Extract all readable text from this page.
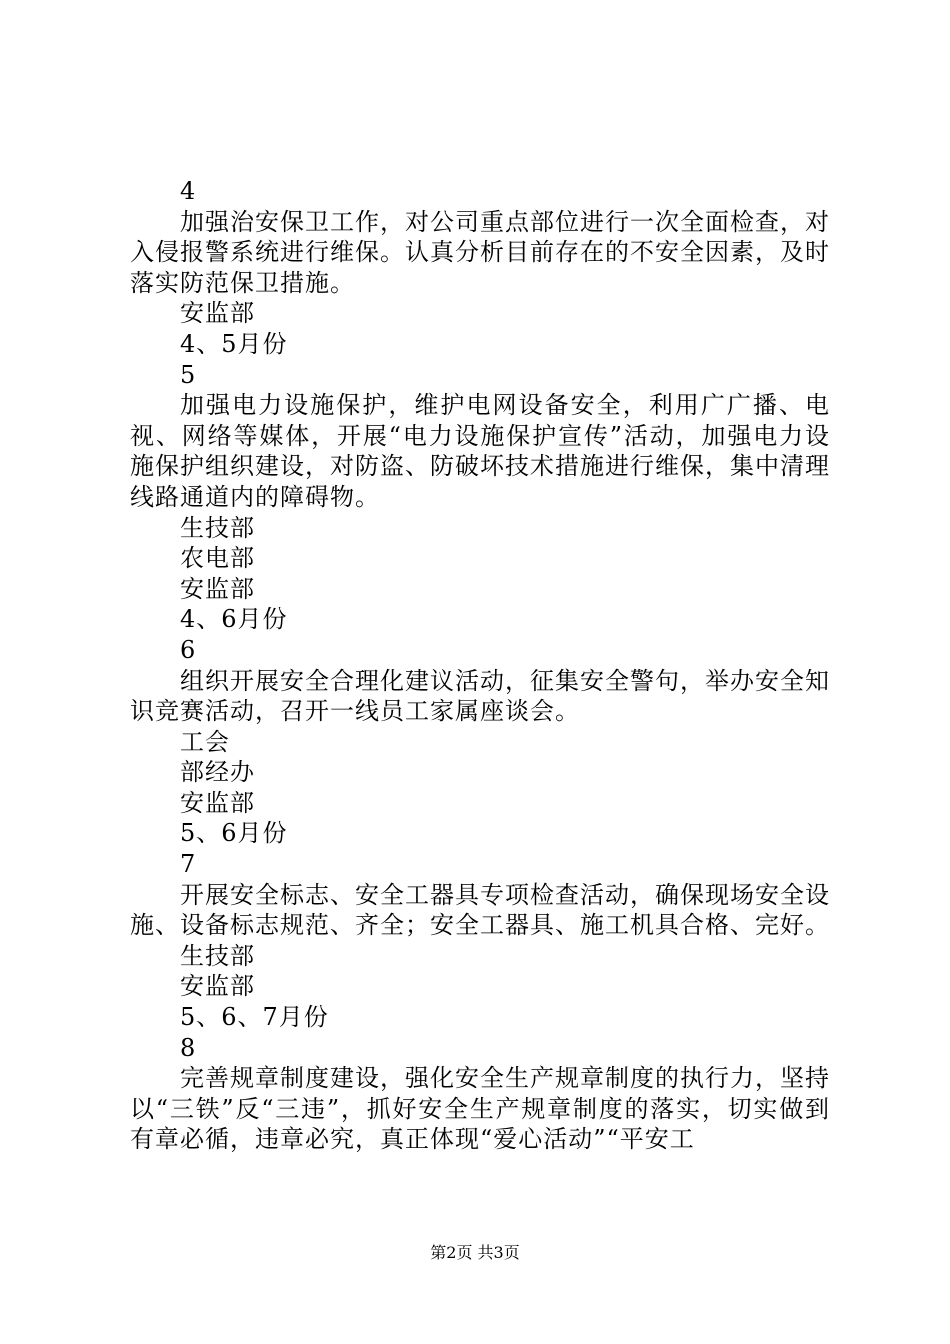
4
加强治安保卫工作，对公司重点部位进行一次全面检查，对入侵报警系统进行维保。认真分析目前存在的不安全因素，及时落实防范保卫措施。
安监部
4、5月份
5
加强电力设施保护，维护电网设备安全，利用广广播、电视、网络等媒体，开展“电力设施保护宣传”活动，加强电力设施保护组织建设，对防盗、防破坏技术措施进行维保，集中清理线路通道内的障碍物。
生技部
农电部
安监部
4、6月份
6
组织开展安全合理化建议活动，征集安全警句，举办安全知识竞赛活动，召开一线员工家属座谈会。
工会
部经办
安监部
5、6月份
7
开展安全标志、安全工器具专项检查活动，确保现场安全设施、设备标志规范、齐全；安全工器具、施工机具合格、完好。
生技部
安监部
5、6、7月份
8
完善规章制度建设，强化安全生产规章制度的执行力，坚持以“三铁”反“三违”，抓好安全生产规章制度的落实，切实做到有章必循，违章必究，真正体现“爱心活动”“平安工
第2页 共3页
